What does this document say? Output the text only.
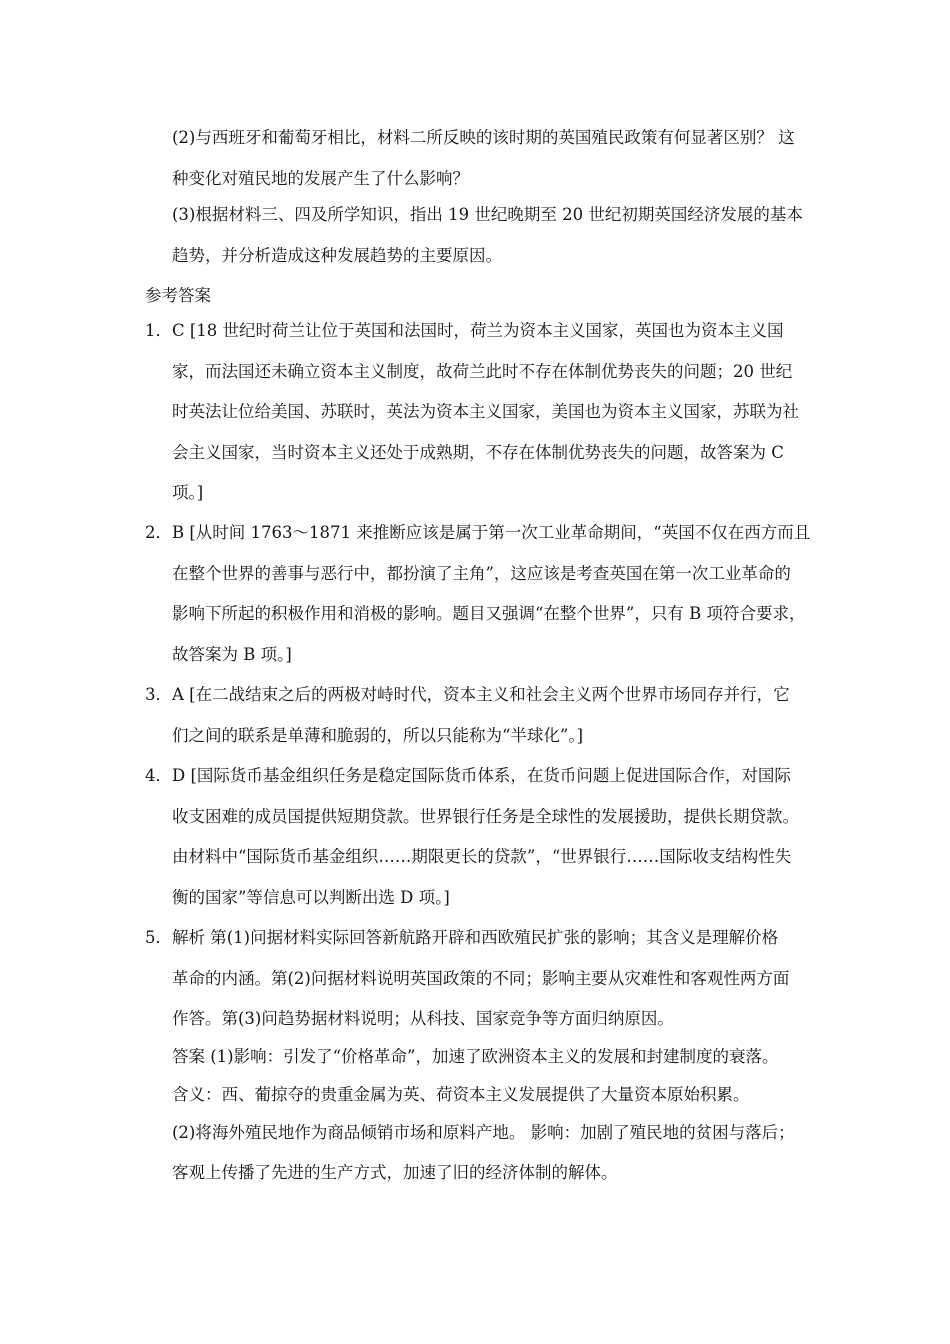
(2)与西班牙和葡萄牙相比，材料二所反映的该时期的英国殖民政策有何显著区别？ 这
种变化对殖民地的发展产生了什么影响？
(3)根据材料三、四及所学知识，指出 19 世纪晚期至 20 世纪初期英国经济发展的基本
趋势，并分析造成这种发展趋势的主要原因。
参考答案
1． C [18 世纪时荷兰让位于英国和法国时，荷兰为资本主义国家，英国也为资本主义国
家，而法国还未确立资本主义制度，故荷兰此时不存在体制优势丧失的问题；20 世纪
时英法让位给美国、苏联时，英法为资本主义国家，美国也为资本主义国家，苏联为社
会主义国家，当时资本主义还处于成熟期，不存在体制优势丧失的问题，故答案为 C
项。]
2． B [从时间 1763～1871 来推断应该是属于第一次工业革命期间，“英国不仅在西方而且
在整个世界的善事与恶行中，都扮演了主角”，这应该是考查英国在第一次工业革命的
影响下所起的积极作用和消极的影响。题目又强调“在整个世界”，只有 B 项符合要求，
故答案为 B 项。]
3． A [在二战结束之后的两极对峙时代，资本主义和社会主义两个世界市场同存并行，它
们之间的联系是单薄和脆弱的，所以只能称为“半球化”。]
4． D [国际货币基金组织任务是稳定国际货币体系，在货币问题上促进国际合作，对国际
收支困难的成员国提供短期贷款。世界银行任务是全球性的发展援助，提供长期贷款。
由材料中“国际货币基金组织……期限更长的贷款”，“世界银行……国际收支结构性失
衡的国家”等信息可以判断出选 D 项。]
5． 解析 第(1)问据材料实际回答新航路开辟和西欧殖民扩张的影响；其含义是理解价格
革命的内涵。第(2)问据材料说明英国政策的不同；影响主要从灾难性和客观性两方面
作答。第(3)问趋势据材料说明；从科技、国家竞争等方面归纳原因。
答案 (1)影响：引发了“价格革命”，加速了欧洲资本主义的发展和封建制度的衰落。
含义：西、葡掠夺的贵重金属为英、荷资本主义发展提供了大量资本原始积累。
(2)将海外殖民地作为商品倾销市场和原料产地。 影响：加剧了殖民地的贫困与落后；
客观上传播了先进的生产方式，加速了旧的经济体制的解体。
